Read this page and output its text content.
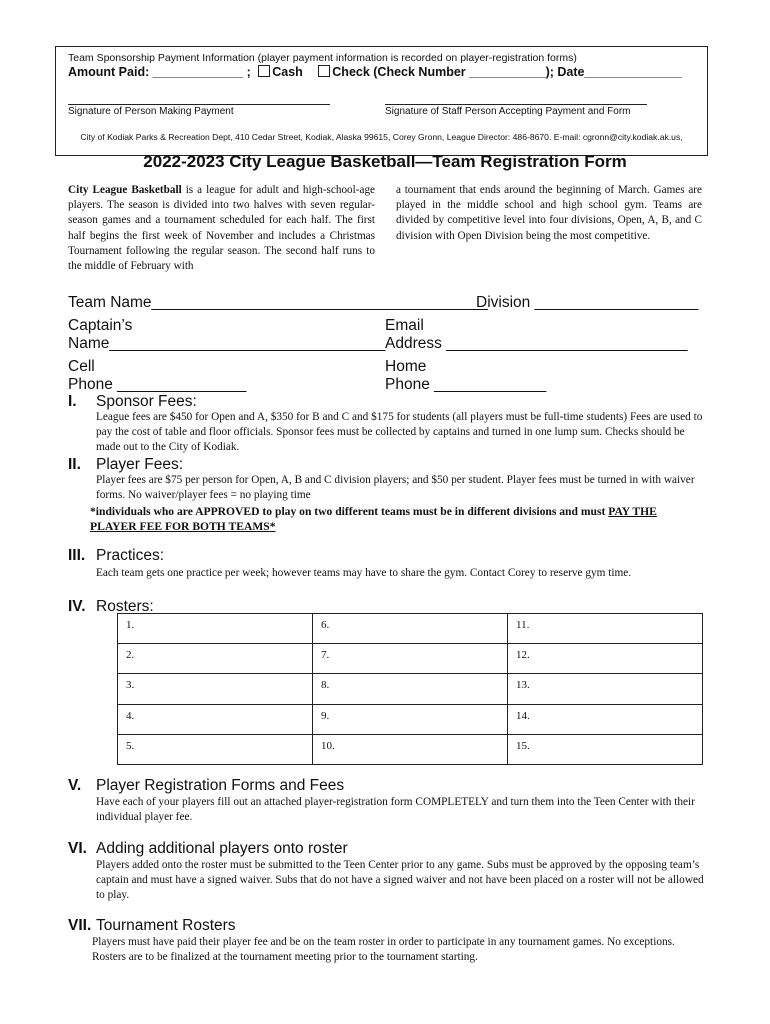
Team Sponsorship Payment Information (player payment information is recorded on player-registration forms)
Amount Paid: _____________ ; Cash Check (Check Number ___________); Date______________
Signature of Person Making Payment	Signature of Staff Person Accepting Payment and Form
City of Kodiak Parks & Recreation Dept, 410 Cedar Street, Kodiak, Alaska 99615, Corey Gronn, League Director: 486-8670. E-mail: cgronn@city.kodiak.ak.us,
2022-2023 City League Basketball—Team Registration Form
City League Basketball is a league for adult and high-school-age players. The season is divided into two halves with seven regular-season games and a tournament scheduled for each half. The first half begins the first week of November and includes a Christmas Tournament following the regular season. The second half runs to the middle of February with
a tournament that ends around the beginning of March. Games are played in the middle school and high school gym. Teams are divided by competitive level into four divisions, Open, A, B, and C division with Open Division being the most competitive.
Team Name_______________________________________
Division ___________________
Captain’s
Name________________________________
Email
Address ____________________________
Cell
Phone _______________
Home
Phone _____________
I. Sponsor Fees:
League fees are $450 for Open and A, $350 for B and C and $175 for students (all players must be full-time students) Fees are used to pay the cost of table and floor officials. Sponsor fees must be collected by captains and turned in one lump sum. Checks should be made out to the City of Kodiak.
II. Player Fees:
Player fees are $75 per person for Open, A, B and C division players; and $50 per student. Player fees must be turned in with waiver forms. No waiver/player fees = no playing time
*individuals who are APPROVED to play on two different teams must be in different divisions and must PAY THE PLAYER FEE FOR BOTH TEAMS*
III. Practices:
Each team gets one practice per week; however teams may have to share the gym. Contact Corey to reserve gym time.
IV. Rosters:
1.	6.	11.
2.	7.	12.
3.	8.	13.
4.	9.	14.
5.	10.	15.
V. Player Registration Forms and Fees
Have each of your players fill out an attached player-registration form COMPLETELY and turn them into the Teen Center with their individual player fee.
VI. Adding additional players onto roster
Players added onto the roster must be submitted to the Teen Center prior to any game. Subs must be approved by the opposing team’s captain and must have a signed waiver. Subs that do not have a signed waiver and not have been placed on a roster will not be allowed to play.
VII. Tournament Rosters
Players must have paid their player fee and be on the team roster in order to participate in any tournament games. No exceptions. Rosters are to be finalized at the tournament meeting prior to the tournament starting.
